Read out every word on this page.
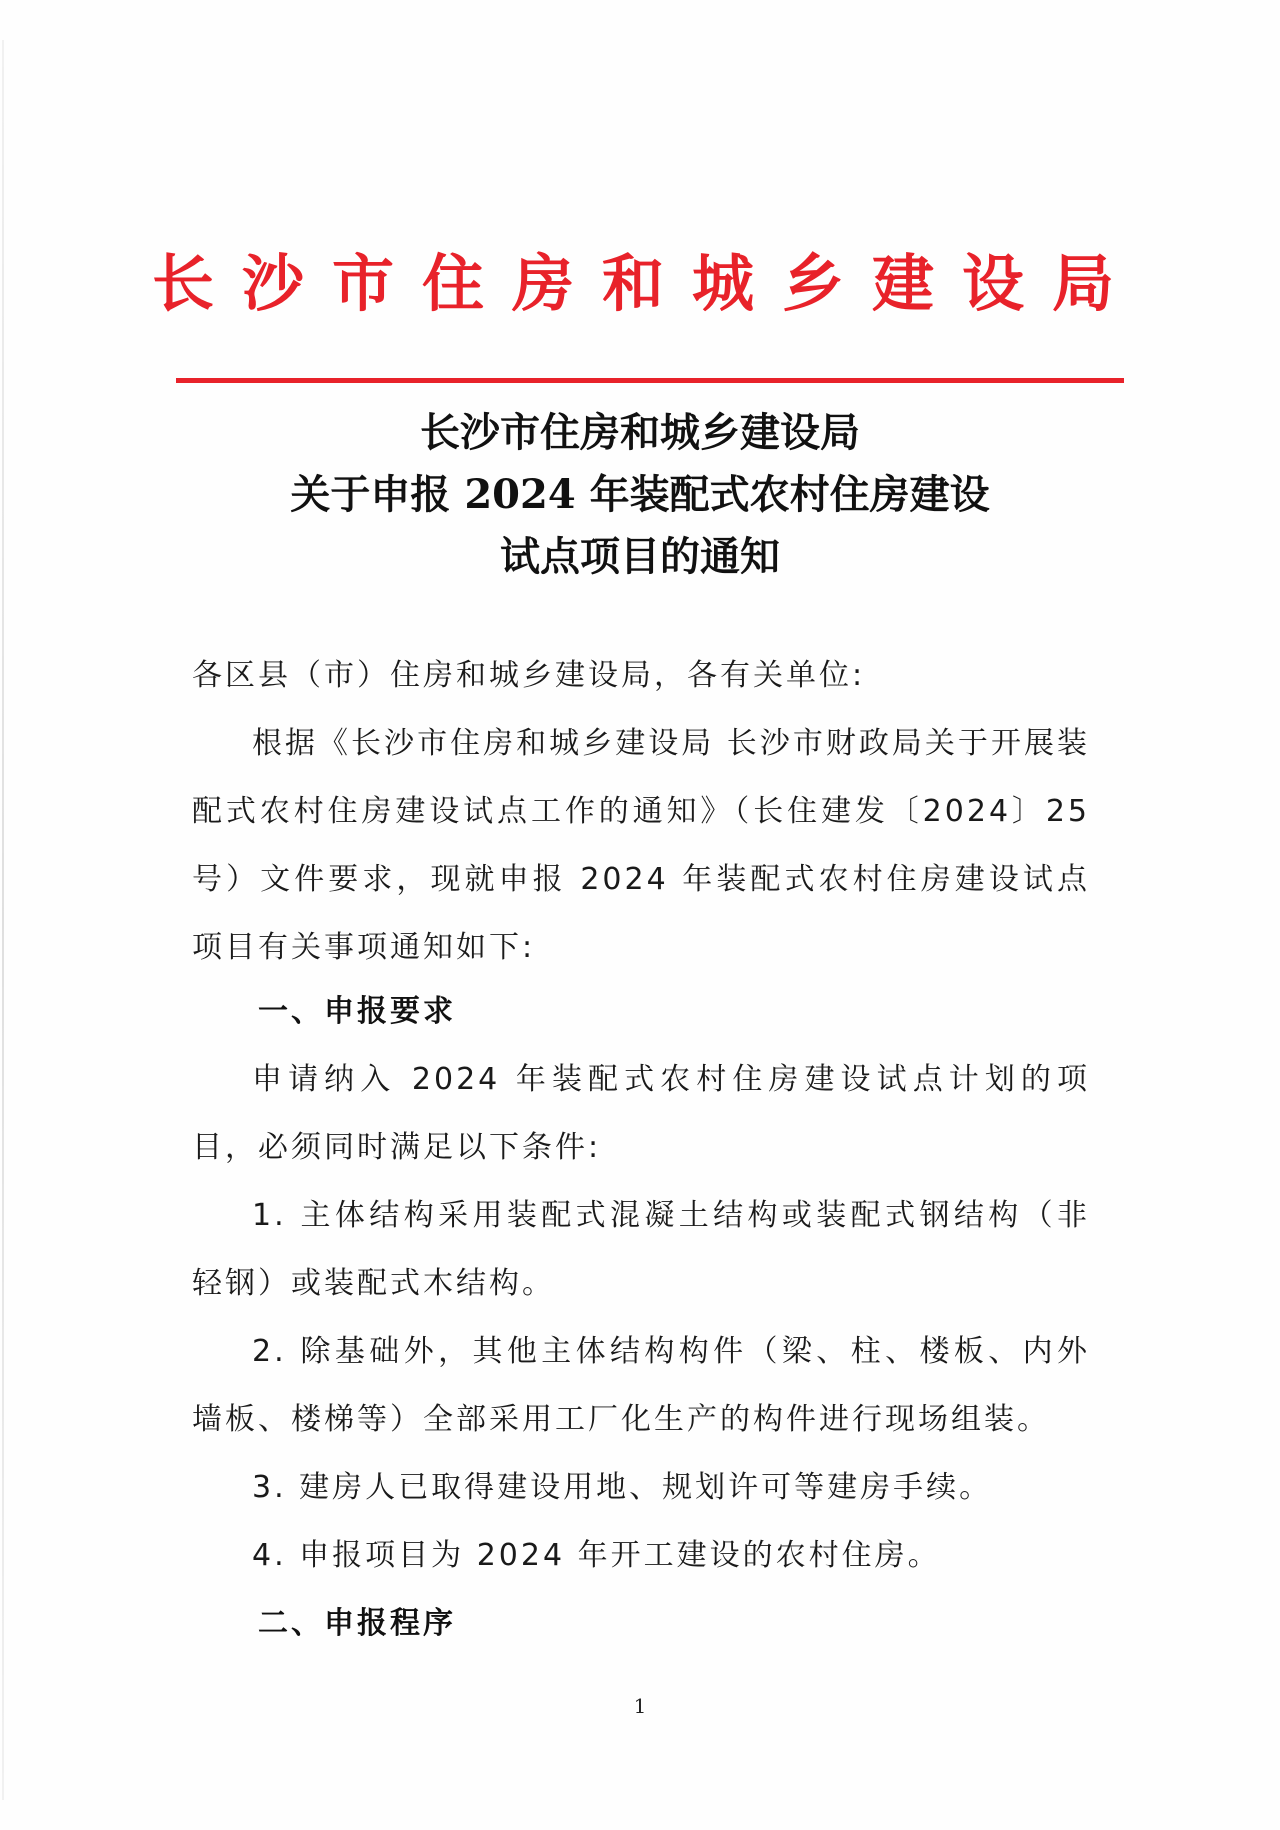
长沙市住房和城乡建设局
长沙市住房和城乡建设局
关于申报 2024 年装配式农村住房建设
试点项目的通知
各区县（市）住房和城乡建设局，各有关单位:

根据《长沙市住房和城乡建设局 长沙市财政局关于开展装配式农村住房建设试点工作的通知》（长住建发〔2024〕25 号）文件要求，现就申报 2024 年装配式农村住房建设试点项目有关事项通知如下:

一、申报要求

申请纳入 2024 年装配式农村住房建设试点计划的项目，必须同时满足以下条件:

1. 主体结构采用装配式混凝土结构或装配式钢结构（非轻钢）或装配式木结构。

2. 除基础外，其他主体结构构件（梁、柱、楼板、内外墙板、楼梯等）全部采用工厂化生产的构件进行现场组装。

3. 建房人已取得建设用地、规划许可等建房手续。

4. 申报项目为 2024 年开工建设的农村住房。

二、申报程序
1
